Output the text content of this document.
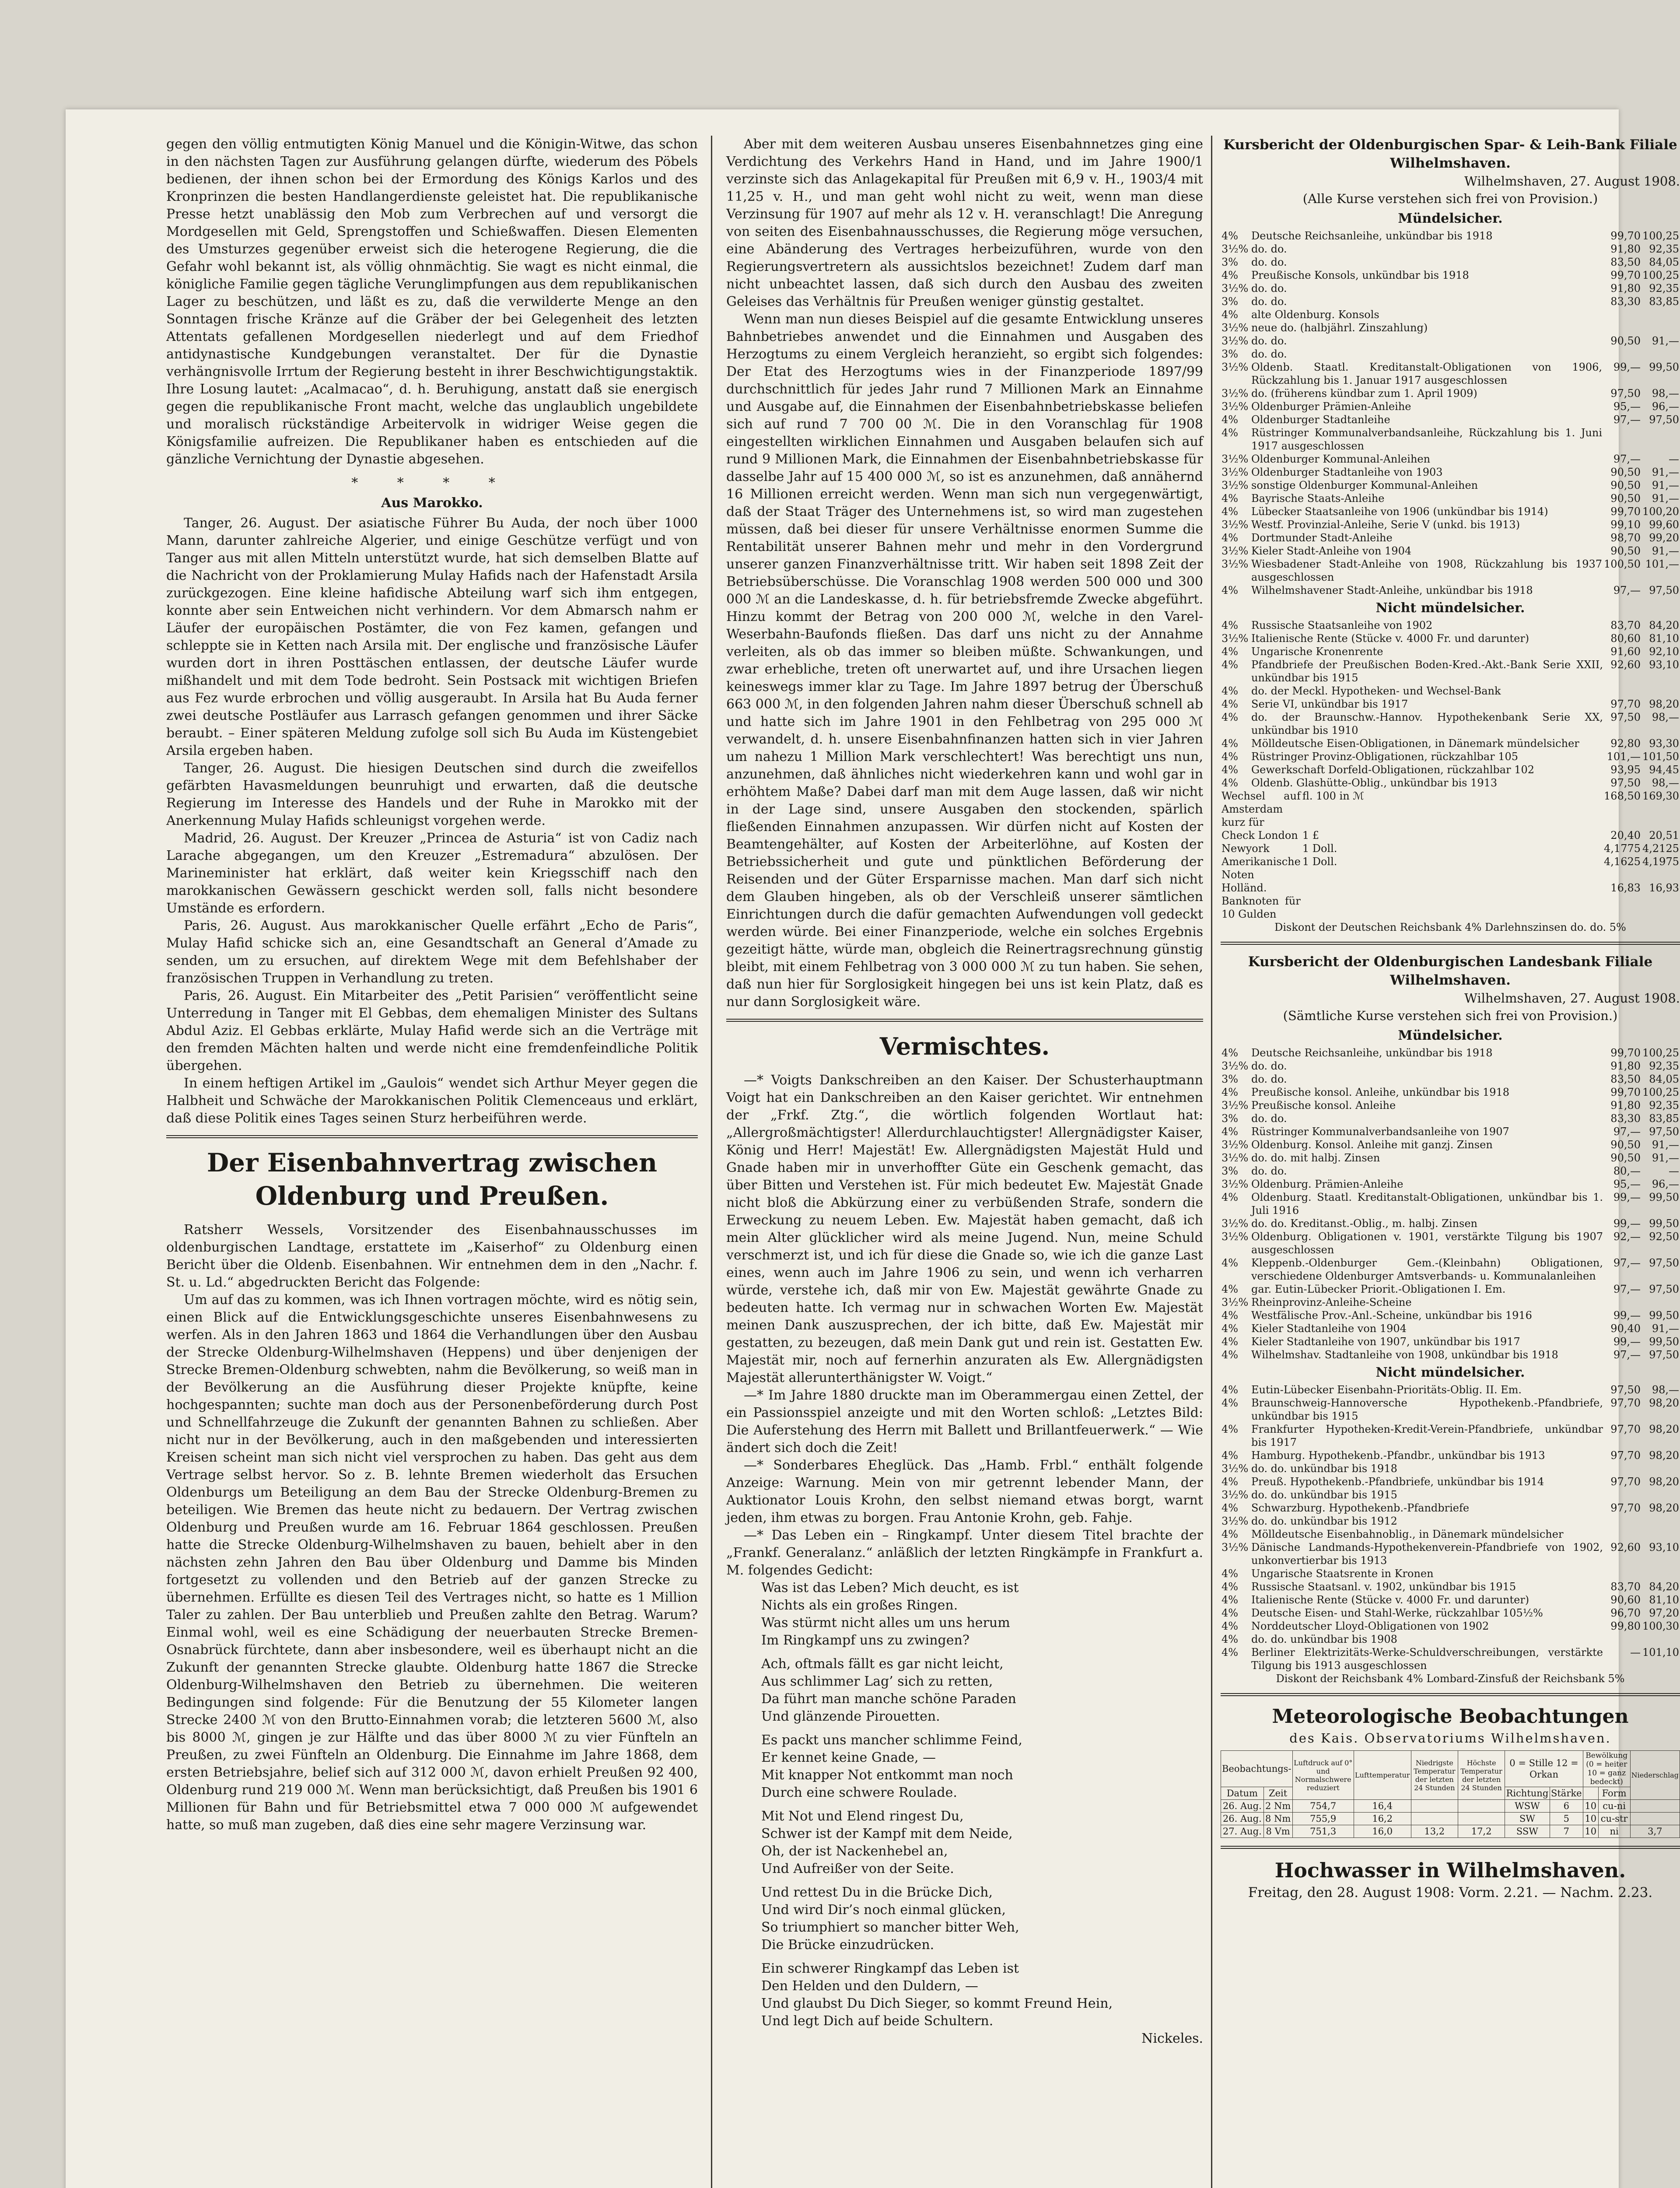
gegen den völlig entmutigten König Manuel und die Königin-Witwe, das schon in den nächsten Tagen zur Ausführung gelangen dürfte, wiederum des Pöbels bedienen, der ihnen schon bei der Ermordung des Königs Karlos und des Kronprinzen die besten Handlangerdienste geleistet hat. Die republikanische Presse hetzt unablässig den Mob zum Verbrechen auf und versorgt die Mordgesellen mit Geld, Sprengstoffen und Schießwaffen. Diesen Elementen des Umsturzes gegenüber erweist sich die heterogene Regierung, die die Gefahr wohl bekannt ist, als völlig ohnmächtig. Sie wagt es nicht einmal, die königliche Familie gegen tägliche Verunglimpfungen aus dem republikanischen Lager zu beschützen, und läßt es zu, daß die verwilderte Menge an den Sonntagen frische Kränze auf die Gräber der bei Gelegenheit des letzten Attentats gefallenen Mordgesellen niederlegt und auf dem Friedhof antidynastische Kundgebungen veranstaltet. Der für die Dynastie verhängnisvolle Irrtum der Regierung besteht in ihrer Beschwichtigungstaktik. Ihre Losung lautet: „Acalmacao“, d. h. Beruhigung, anstatt daß sie energisch gegen die republikanische Front macht, welche das unglaublich ungebildete und moralisch rückständige Arbeitervolk in widriger Weise gegen die Königsfamilie aufreizen. Die Republikaner haben es entschieden auf die gänzliche Vernichtung der Dynastie abgesehen.

* * * *

Aus Marokko.

Tanger, 26. August. Der asiatische Führer Bu Auda, der noch über 1000 Mann, darunter zahlreiche Algerier, und einige Geschütze verfügt und von Tanger aus mit allen Mitteln unterstützt wurde, hat sich demselben Blatte auf die Nachricht von der Proklamierung Mulay Hafids nach der Hafenstadt Arsila zurückgezogen. Eine kleine hafidische Abteilung warf sich ihm entgegen, konnte aber sein Entweichen nicht verhindern. Vor dem Abmarsch nahm er Läufer der europäischen Postämter, die von Fez kamen, gefangen und schleppte sie in Ketten nach Arsila mit. Der englische und französische Läufer wurden dort in ihren Posttäschen entlassen, der deutsche Läufer wurde mißhandelt und mit dem Tode bedroht. Sein Postsack mit wichtigen Briefen aus Fez wurde erbrochen und völlig ausgeraubt. In Arsila hat Bu Auda ferner zwei deutsche Postläufer aus Larrasch gefangen genommen und ihrer Säcke beraubt. – Einer späteren Meldung zufolge soll sich Bu Auda im Küstengebiet Arsila ergeben haben.

Tanger, 26. August. Die hiesigen Deutschen sind durch die zweifellos gefärbten Havasmeldungen beunruhigt und erwarten, daß die deutsche Regierung im Interesse des Handels und der Ruhe in Marokko mit der Anerkennung Mulay Hafids schleunigst vorgehen werde.

Madrid, 26. August. Der Kreuzer „Princea de Asturia“ ist von Cadiz nach Larache abgegangen, um den Kreuzer „Estremadura“ abzulösen. Der Marineminister hat erklärt, daß weiter kein Kriegsschiff nach den marokkanischen Gewässern geschickt werden soll, falls nicht besondere Umstände es erfordern.

Paris, 26. August. Aus marokkanischer Quelle erfährt „Echo de Paris“, Mulay Hafid schicke sich an, eine Gesandtschaft an General d’Amade zu senden, um zu ersuchen, auf direktem Wege mit dem Befehlshaber der französischen Truppen in Verhandlung zu treten.

Paris, 26. August. Ein Mitarbeiter des „Petit Parisien“ veröffentlicht seine Unterredung in Tanger mit El Gebbas, dem ehemaligen Minister des Sultans Abdul Aziz. El Gebbas erklärte, Mulay Hafid werde sich an die Verträge mit den fremden Mächten halten und werde nicht eine fremdenfeindliche Politik übergehen.

In einem heftigen Artikel im „Gaulois“ wendet sich Arthur Meyer gegen die Halbheit und Schwäche der Marokkanischen Politik Clemenceaus und erklärt, daß diese Politik eines Tages seinen Sturz herbeiführen werde.

Der Eisenbahnvertrag zwischen Oldenburg und Preußen.

Ratsherr Wessels, Vorsitzender des Eisenbahnausschusses im oldenburgischen Landtage, erstattete im „Kaiserhof“ zu Oldenburg einen Bericht über die Oldenb. Eisenbahnen. Wir entnehmen dem in den „Nachr. f. St. u. Ld.“ abgedruckten Bericht das Folgende:

Um auf das zu kommen, was ich Ihnen vortragen möchte, wird es nötig sein, einen Blick auf die Entwicklungsgeschichte unseres Eisenbahnwesens zu werfen. Als in den Jahren 1863 und 1864 die Verhandlungen über den Ausbau der Strecke Oldenburg-Wilhelmshaven (Heppens) und über denjenigen der Strecke Bremen-Oldenburg schwebten, nahm die Bevölkerung, so weiß man in der Bevölkerung an die Ausführung dieser Projekte knüpfte, keine hochgespannten; suchte man doch aus der Personenbeförderung durch Post und Schnellfahrzeuge die Zukunft der genannten Bahnen zu schließen. Aber nicht nur in der Bevölkerung, auch in den maßgebenden und interessierten Kreisen scheint man sich nicht viel versprochen zu haben. Das geht aus dem Vertrage selbst hervor. So z. B. lehnte Bremen wiederholt das Ersuchen Oldenburgs um Beteiligung an dem Bau der Strecke Oldenburg-Bremen zu beteiligen. Wie Bremen das heute nicht zu bedauern. Der Vertrag zwischen Oldenburg und Preußen wurde am 16. Februar 1864 geschlossen. Preußen hatte die Strecke Oldenburg-Wilhelmshaven zu bauen, behielt aber in den nächsten zehn Jahren den Bau über Oldenburg und Damme bis Minden fortgesetzt zu vollenden und den Betrieb auf der ganzen Strecke zu übernehmen. Erfüllte es diesen Teil des Vertrages nicht, so hatte es 1 Million Taler zu zahlen. Der Bau unterblieb und Preußen zahlte den Betrag. Warum? Einmal wohl, weil es eine Schädigung der neuerbauten Strecke Bremen-Osnabrück fürchtete, dann aber insbesondere, weil es überhaupt nicht an die Zukunft der genannten Strecke glaubte. Oldenburg hatte 1867 die Strecke Oldenburg-Wilhelmshaven den Betrieb zu übernehmen. Die weiteren Bedingungen sind folgende: Für die Benutzung der 55 Kilometer langen Strecke 2400 ℳ von den Brutto-Einnahmen vorab; die letzteren 5600 ℳ, also bis 8000 ℳ, gingen je zur Hälfte und das über 8000 ℳ zu vier Fünfteln an Preußen, zu zwei Fünfteln an Oldenburg. Die Einnahme im Jahre 1868, dem ersten Betriebsjahre, belief sich auf 312 000 ℳ, davon erhielt Preußen 92 400, Oldenburg rund 219 000 ℳ. Wenn man berücksichtigt, daß Preußen bis 1901 6 Millionen für Bahn und für Betriebsmittel etwa 7 000 000 ℳ aufgewendet hatte, so muß man zugeben, daß dies eine sehr magere Verzinsung war.

Aber mit dem weiteren Ausbau unseres Eisenbahnnetzes ging eine Verdichtung des Verkehrs Hand in Hand, und im Jahre 1900/1 verzinste sich das Anlagekapital für Preußen mit 6,9 v. H., 1903/4 mit 11,25 v. H., und man geht wohl nicht zu weit, wenn man diese Verzinsung für 1907 auf mehr als 12 v. H. veranschlagt! Die Anregung von seiten des Eisenbahnausschusses, die Regierung möge versuchen, eine Abänderung des Vertrages herbeizuführen, wurde von den Regierungsvertretern als aussichtslos bezeichnet! Zudem darf man nicht unbeachtet lassen, daß sich durch den Ausbau des zweiten Geleises das Verhältnis für Preußen weniger günstig gestaltet.

Wenn man nun dieses Beispiel auf die gesamte Entwicklung unseres Bahnbetriebes anwendet und die Einnahmen und Ausgaben des Herzogtums zu einem Vergleich heranzieht, so ergibt sich folgendes: Der Etat des Herzogtums wies in der Finanzperiode 1897/99 durchschnittlich für jedes Jahr rund 7 Millionen Mark an Einnahme und Ausgabe auf, die Einnahmen der Eisenbahnbetriebskasse beliefen sich auf rund 7 700 00 ℳ. Die in den Voranschlag für 1908 eingestellten wirklichen Einnahmen und Ausgaben belaufen sich auf rund 9 Millionen Mark, die Einnahmen der Eisenbahnbetriebskasse für dasselbe Jahr auf 15 400 000 ℳ, so ist es anzunehmen, daß annähernd 16 Millionen erreicht werden. Wenn man sich nun vergegenwärtigt, daß der Staat Träger des Unternehmens ist, so wird man zugestehen müssen, daß bei dieser für unsere Verhältnisse enormen Summe die Rentabilität unserer Bahnen mehr und mehr in den Vordergrund unserer ganzen Finanzverhältnisse tritt. Wir haben seit 1898 Zeit der Betriebsüberschüsse. Die Voranschlag 1908 werden 500 000 und 300 000 ℳ an die Landeskasse, d. h. für betriebsfremde Zwecke abgeführt. Hinzu kommt der Betrag von 200 000 ℳ, welche in den Varel-Weserbahn-Baufonds fließen. Das darf uns nicht zu der Annahme verleiten, als ob das immer so bleiben müßte. Schwankungen, und zwar erhebliche, treten oft unerwartet auf, und ihre Ursachen liegen keineswegs immer klar zu Tage. Im Jahre 1897 betrug der Überschuß 663 000 ℳ, in den folgenden Jahren nahm dieser Überschuß schnell ab und hatte sich im Jahre 1901 in den Fehlbetrag von 295 000 ℳ verwandelt, d. h. unsere Eisenbahnfinanzen hatten sich in vier Jahren um nahezu 1 Million Mark verschlechtert! Was berechtigt uns nun, anzunehmen, daß ähnliches nicht wiederkehren kann und wohl gar in erhöhtem Maße? Dabei darf man mit dem Auge lassen, daß wir nicht in der Lage sind, unsere Ausgaben den stockenden, spärlich fließenden Einnahmen anzupassen. Wir dürfen nicht auf Kosten der Beamtengehälter, auf Kosten der Arbeiterlöhne, auf Kosten der Betriebssicherheit und gute und pünktlichen Beförderung der Reisenden und der Güter Ersparnisse machen. Man darf sich nicht dem Glauben hingeben, als ob der Verschleiß unserer sämtlichen Einrichtungen durch die dafür gemachten Aufwendungen voll gedeckt werden würde. Bei einer Finanzperiode, welche ein solches Ergebnis gezeitigt hätte, würde man, obgleich die Reinertragsrechnung günstig bleibt, mit einem Fehlbetrag von 3 000 000 ℳ zu tun haben. Sie sehen, daß nun hier für Sorglosigkeit hingegen bei uns ist kein Platz, daß es nur dann Sorglosigkeit wäre.

Vermischtes.

—* Voigts Dankschreiben an den Kaiser. Der Schusterhauptmann Voigt hat ein Dankschreiben an den Kaiser gerichtet. Wir entnehmen der „Frkf. Ztg.“, die wörtlich folgenden Wortlaut hat: „Allergroßmächtigster! Allerdurchlauchtigster! Allergnädigster Kaiser, König und Herr! Majestät! Ew. Allergnädigsten Majestät Huld und Gnade haben mir in unverhoffter Güte ein Geschenk gemacht, das über Bitten und Verstehen ist. Für mich bedeutet Ew. Majestät Gnade nicht bloß die Abkürzung einer zu verbüßenden Strafe, sondern die Erweckung zu neuem Leben. Ew. Majestät haben gemacht, daß ich mein Alter glücklicher wird als meine Jugend. Nun, meine Schuld verschmerzt ist, und ich für diese die Gnade so, wie ich die ganze Last eines, wenn auch im Jahre 1906 zu sein, und wenn ich verharren würde, verstehe ich, daß mir von Ew. Majestät gewährte Gnade zu bedeuten hatte. Ich vermag nur in schwachen Worten Ew. Majestät meinen Dank auszusprechen, der ich bitte, daß Ew. Majestät mir gestatten, zu bezeugen, daß mein Dank gut und rein ist. Gestatten Ew. Majestät mir, noch auf fernerhin anzuraten als Ew. Allergnädigsten Majestät allerunterthänigster W. Voigt.“

—* Im Jahre 1880 druckte man im Oberammergau einen Zettel, der ein Passionsspiel anzeigte und mit den Worten schloß: „Letztes Bild: Die Auferstehung des Herrn mit Ballett und Brillantfeuerwerk.“ — Wie ändert sich doch die Zeit!

—* Sonderbares Eheglück. Das „Hamb. Frbl.“ enthält folgende Anzeige: Warnung. Mein von mir getrennt lebender Mann, der Auktionator Louis Krohn, den selbst niemand etwas borgt, warnt jeden, ihm etwas zu borgen. Frau Antonie Krohn, geb. Fahje.

—* Das Leben ein – Ringkampf. Unter diesem Titel brachte der „Frankf. Generalanz.“ anläßlich der letzten Ringkämpfe in Frankfurt a. M. folgendes Gedicht:

Was ist das Leben? Mich deucht, es ist

Nichts als ein großes Ringen.

Was stürmt nicht alles um uns herum

Im Ringkampf uns zu zwingen?

Ach, oftmals fällt es gar nicht leicht,

Aus schlimmer Lag’ sich zu retten,

Da führt man manche schöne Paraden

Und glänzende Pirouetten.

Es packt uns mancher schlimme Feind,

Er kennet keine Gnade, —

Mit knapper Not entkommt man noch

Durch eine schwere Roulade.

Mit Not und Elend ringest Du,

Schwer ist der Kampf mit dem Neide,

Oh, der ist Nackenhebel an,

Und Aufreißer von der Seite.

Und rettest Du in die Brücke Dich,

Und wird Dir’s noch einmal glücken,

So triumphiert so mancher bitter Weh,

Die Brücke einzudrücken.

Ein schwerer Ringkampf das Leben ist

Den Helden und den Duldern, —

Und glaubst Du Dich Sieger, so kommt Freund Hein,

Und legt Dich auf beide Schultern.

Nickeles.

Kursbericht der Oldenburgischen Spar- & Leih-Bank Filiale Wilhelmshaven.

Wilhelmshaven, 27. August 1908.

(Alle Kurse verstehen sich frei von Provision.)

Mündelsicher.

4%	Deutsche Reichsanleihe, unkündbar bis 1918	99,70	100,25
3½%	do. do.	91,80	92,35
3%	do. do.	83,50	84,05
4%	Preußische Konsols, unkündbar bis 1918	99,70	100,25
3½%	do. do.	91,80	92,35
3%	do. do.	83,30	83,85
4%	alte Oldenburg. Konsols		
3½%	neue do. (halbjährl. Zinszahlung)		
3½%	do. do.	90,50	91,—
3%	do. do.		
3½%	Oldenb. Staatl. Kreditanstalt-Obligationen von 1906, Rückzahlung bis 1. Januar 1917 ausgeschlossen	99,—	99,50
3½%	do. (früherens kündbar zum 1. April 1909)	97,50	98,—
3½%	Oldenburger Prämien-Anleihe	95,—	96,—
4%	Oldenburger Stadtanleihe	97,—	97,50
4%	Rüstringer Kommunalverbandsanleihe, Rückzahlung bis 1. Juni 1917 ausgeschlossen		
3½%	Oldenburger Kommunal-Anleihen	97,—	—
3½%	Oldenburger Stadtanleihe von 1903	90,50	91,—
3½%	sonstige Oldenburger Kommunal-Anleihen	90,50	91,—
4%	Bayrische Staats-Anleihe	90,50	91,—
4%	Lübecker Staatsanleihe von 1906 (unkündbar bis 1914)	99,70	100,20
3½%	Westf. Provinzial-Anleihe, Serie V (unkd. bis 1913)	99,10	99,60
4%	Dortmunder Stadt-Anleihe	98,70	99,20
3½%	Kieler Stadt-Anleihe von 1904	90,50	91,—
3½%	Wiesbadener Stadt-Anleihe von 1908, Rückzahlung bis 1937 ausgeschlossen	100,50	101,—
4%	Wilhelmshavener Stadt-Anleihe, unkündbar bis 1918	97,—	97,50

Nicht mündelsicher.

4%	Russische Staatsanleihe von 1902	83,70	84,20
3½%	Italienische Rente (Stücke v. 4000 Fr. und darunter)	80,60	81,10
4%	Ungarische Kronenrente	91,60	92,10
4%	Pfandbriefe der Preußischen Boden-Kred.-Akt.-Bank Serie XXII, unkündbar bis 1915	92,60	93,10
4%	do. der Meckl. Hypotheken- und Wechsel-Bank		
4%	Serie VI, unkündbar bis 1917	97,70	98,20
4%	do. der Braunschw.-Hannov. Hypothekenbank Serie XX, unkündbar bis 1910	97,50	98,—
4%	Mölldeutsche Eisen-Obligationen, in Dänemark mündelsicher	92,80	93,30
4%	Rüstringer Provinz-Obligationen, rückzahlbar 105	101,—	101,50
4%	Gewerkschaft Dorfeld-Obligationen, rückzahlbar 102	93,95	94,45
4%	Oldenb. Glashütte-Oblig., unkündbar bis 1913	97,50	98,—
Wechsel auf Amsterdam kurz für	fl. 100 in ℳ	168,50	169,30
Check London	1 £	20,40	20,51
Newyork	1 Doll.	4,1775	4,2125
Amerikanische Noten	1 Doll.	4,1625	4,1975
Holländ. Banknoten für 10 Gulden		16,83	16,93

Diskont der Deutschen Reichsbank 4% Darlehnszinsen do. do. 5%

Kursbericht der Oldenburgischen Landesbank Filiale Wilhelmshaven.

Wilhelmshaven, 27. August 1908.

(Sämtliche Kurse verstehen sich frei von Provision.)

Mündelsicher.

4%	Deutsche Reichsanleihe, unkündbar bis 1918	99,70	100,25
3½%	do. do.	91,80	92,35
3%	do. do.	83,50	84,05
4%	Preußische konsol. Anleihe, unkündbar bis 1918	99,70	100,25
3½%	Preußische konsol. Anleihe	91,80	92,35
3%	do. do.	83,30	83,85
4%	Rüstringer Kommunalverbandsanleihe von 1907	97,—	97,50
3½%	Oldenburg. Konsol. Anleihe mit ganzj. Zinsen	90,50	91,—
3½%	do. do. mit halbj. Zinsen	90,50	91,—
3%	do. do.	80,—	—
3½%	Oldenburg. Prämien-Anleihe	95,—	96,—
4%	Oldenburg. Staatl. Kreditanstalt-Obligationen, unkündbar bis 1. Juli 1916	99,—	99,50
3½%	do. do. Kreditanst.-Oblig., m. halbj. Zinsen	99,—	99,50
3½%	Oldenburg. Obligationen v. 1901, verstärkte Tilgung bis 1907 ausgeschlossen	92,—	92,50
4%	Kleppenb.-Oldenburger Gem.-(Kleinbahn) Obligationen, verschiedene Oldenburger Amtsverbands- u. Kommunalanleihen	97,—	97,50
4%	gar. Eutin-Lübecker Priorit.-Obligationen I. Em.	97,—	97,50
3½%	Rheinprovinz-Anleihe-Scheine		
4%	Westfälische Prov.-Anl.-Scheine, unkündbar bis 1916	99,—	99,50
4%	Kieler Stadtanleihe von 1904	90,40	91,—
4%	Kieler Stadtanleihe von 1907, unkündbar bis 1917	99,—	99,50
4%	Wilhelmshav. Stadtanleihe von 1908, unkündbar bis 1918	97,—	97,50

Nicht mündelsicher.

4%	Eutin-Lübecker Eisenbahn-Prioritäts-Oblig. II. Em.	97,50	98,—
4%	Braunschweig-Hannoversche Hypothekenb.-Pfandbriefe, unkündbar bis 1915	97,70	98,20
4%	Frankfurter Hypotheken-Kredit-Verein-Pfandbriefe, unkündbar bis 1917	97,70	98,20
4%	Hamburg. Hypothekenb.-Pfandbr., unkündbar bis 1913	97,70	98,20
3½%	do. do. unkündbar bis 1918		
4%	Preuß. Hypothekenb.-Pfandbriefe, unkündbar bis 1914	97,70	98,20
3½%	do. do. unkündbar bis 1915		
4%	Schwarzburg. Hypothekenb.-Pfandbriefe	97,70	98,20
3½%	do. do. unkündbar bis 1912		
4%	Mölldeutsche Eisenbahnoblig., in Dänemark mündelsicher		
3½%	Dänische Landmands-Hypothekenverein-Pfandbriefe von 1902, unkonvertierbar bis 1913	92,60	93,10
4%	Ungarische Staatsrente in Kronen		
4%	Russische Staatsanl. v. 1902, unkündbar bis 1915	83,70	84,20
4%	Italienische Rente (Stücke v. 4000 Fr. und darunter)	90,60	81,10
4%	Deutsche Eisen- und Stahl-Werke, rückzahlbar 105½%	96,70	97,20
4%	Norddeutscher Lloyd-Obligationen von 1902	99,80	100,30
4%	do. do. unkündbar bis 1908		
4%	Berliner Elektrizitäts-Werke-Schuldverschreibungen, verstärkte Tilgung bis 1913 ausgeschlossen	—	101,10

Diskont der Reichsbank 4% Lombard-Zinsfuß der Reichsbank 5%

Meteorologische Beobachtungen

des Kais. Observatoriums Wilhelmshaven.

Beobachtungs-		Luftdruck auf 0° und Normalschwere reduziert	Lufttemperatur	Niedrigste Temperatur der letzten 24 Stunden	Höchste Temperatur der letzten 24 Stunden	0 = Stille 12 = Orkan		Bewölkung (0 = heiter 10 = ganz bedeckt)		Niederschlag
Datum	Zeit					Richtung	Stärke		Form	
26. Aug.	2 Nm	754,7	16,4			WSW	6	10	cu-ni	
26. Aug.	8 Nm	755,9	16,2			SW	5	10	cu-str	
27. Aug.	8 Vm	751,3	16,0	13,2	17,2	SSW	7	10	ni	3,7

Hochwasser in Wilhelmshaven.

Freitag, den 28. August 1908: Vorm. 2.21. — Nachm. 2.23.
